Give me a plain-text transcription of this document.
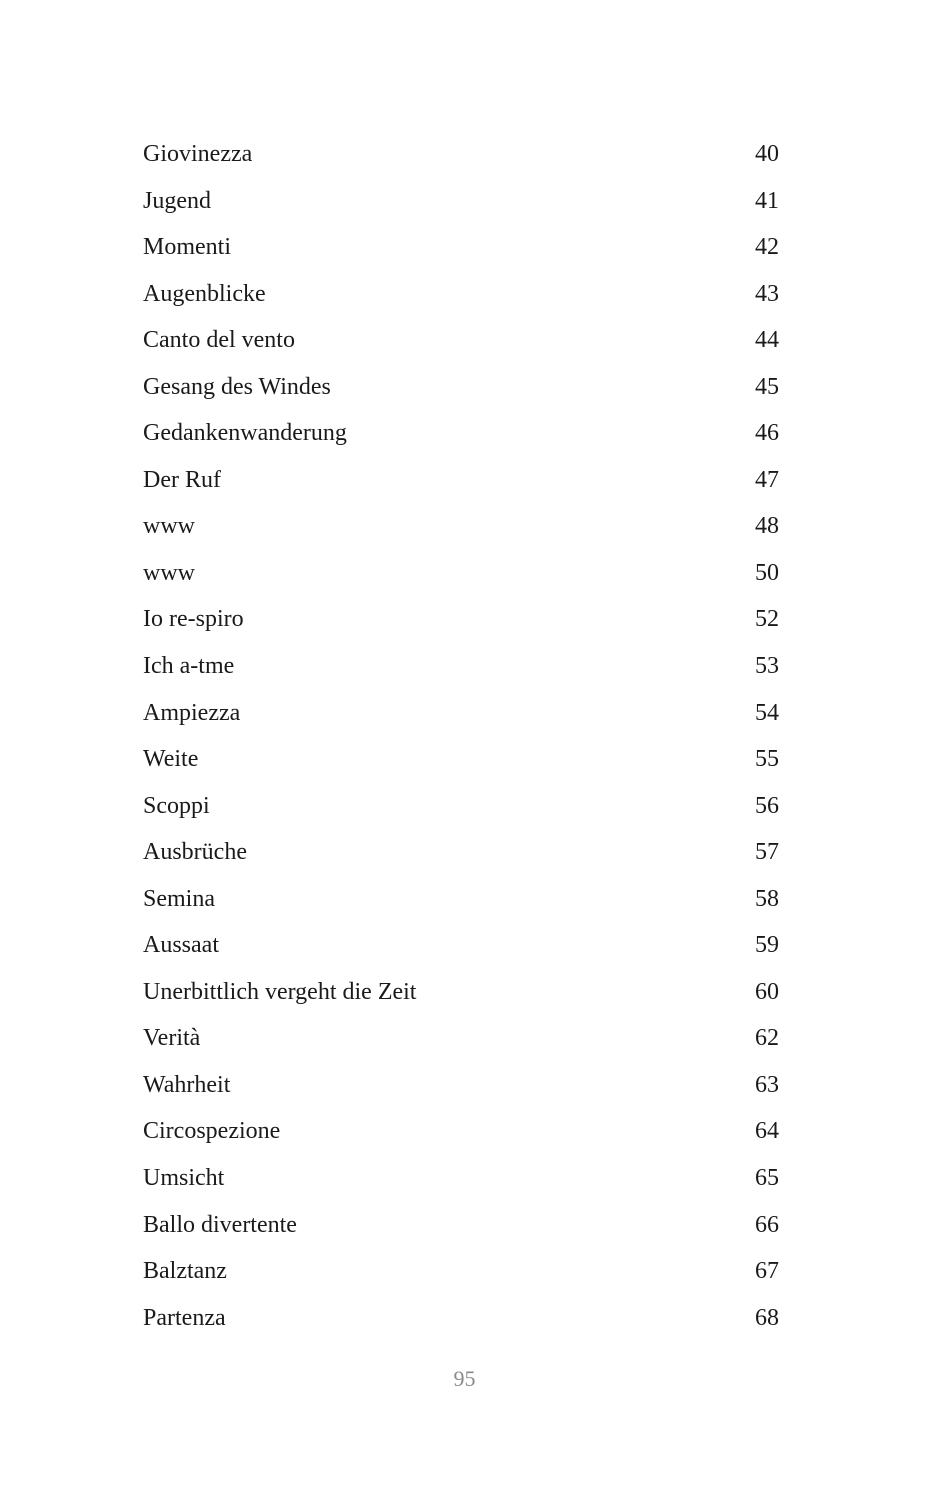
Giovinezza	40
Jugend	41
Momenti	42
Augenblicke	43
Canto del vento	44
Gesang des Windes	45
Gedankenwanderung	46
Der Ruf	47
www	48
www	50
Io re-spiro	52
Ich a-tme	53
Ampiezza	54
Weite	55
Scoppi	56
Ausbrüche	57
Semina	58
Aussaat	59
Unerbittlich vergeht die Zeit	60
Verità	62
Wahrheit	63
Circospezione	64
Umsicht	65
Ballo divertente	66
Balztanz	67
Partenza	68
95
